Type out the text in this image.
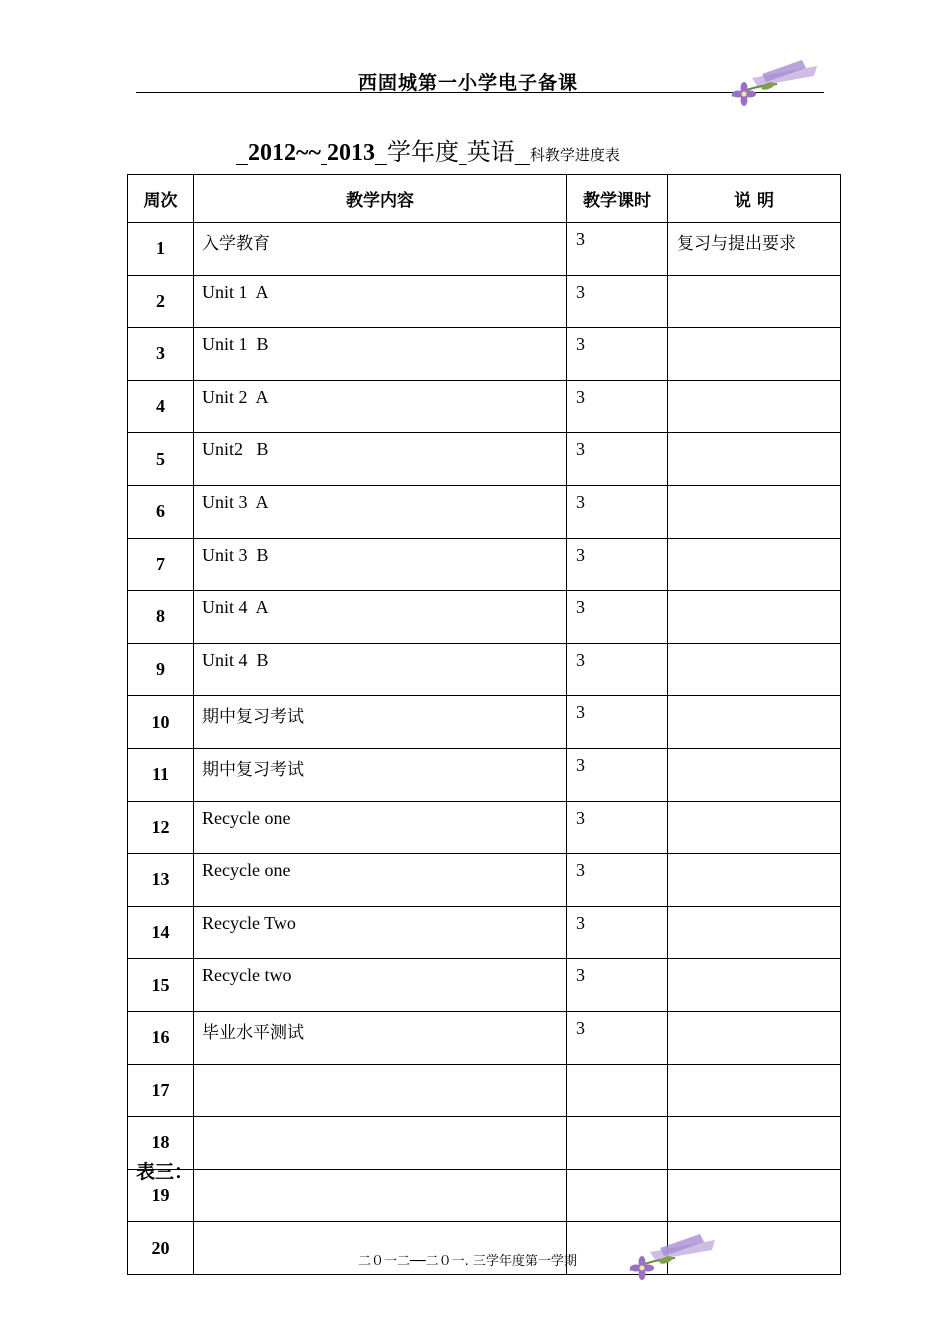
西固城第一小学电子备课
2012~~ 2013 学年度 英语 科教学进度表
周次	教学内容	教学课时	说 明
1	入学教育	3	复习与提出要求
2	Unit 1  A	3	
3	Unit 1  B	3	
4	Unit 2  A	3	
5	Unit2   B	3	
6	Unit 3  A	3	
7	Unit 3  B	3	
8	Unit 4  A	3	
9	Unit 4  B	3	
10	期中复习考试	3	
11	期中复习考试	3	
12	Recycle one	3	
13	Recycle one	3	
14	Recycle Two	3	
15	Recycle two	3	
16	毕业水平测试	3	
17			
18			
19			
20			
表三：
二０一二──二０一. 三学年度第一学期
